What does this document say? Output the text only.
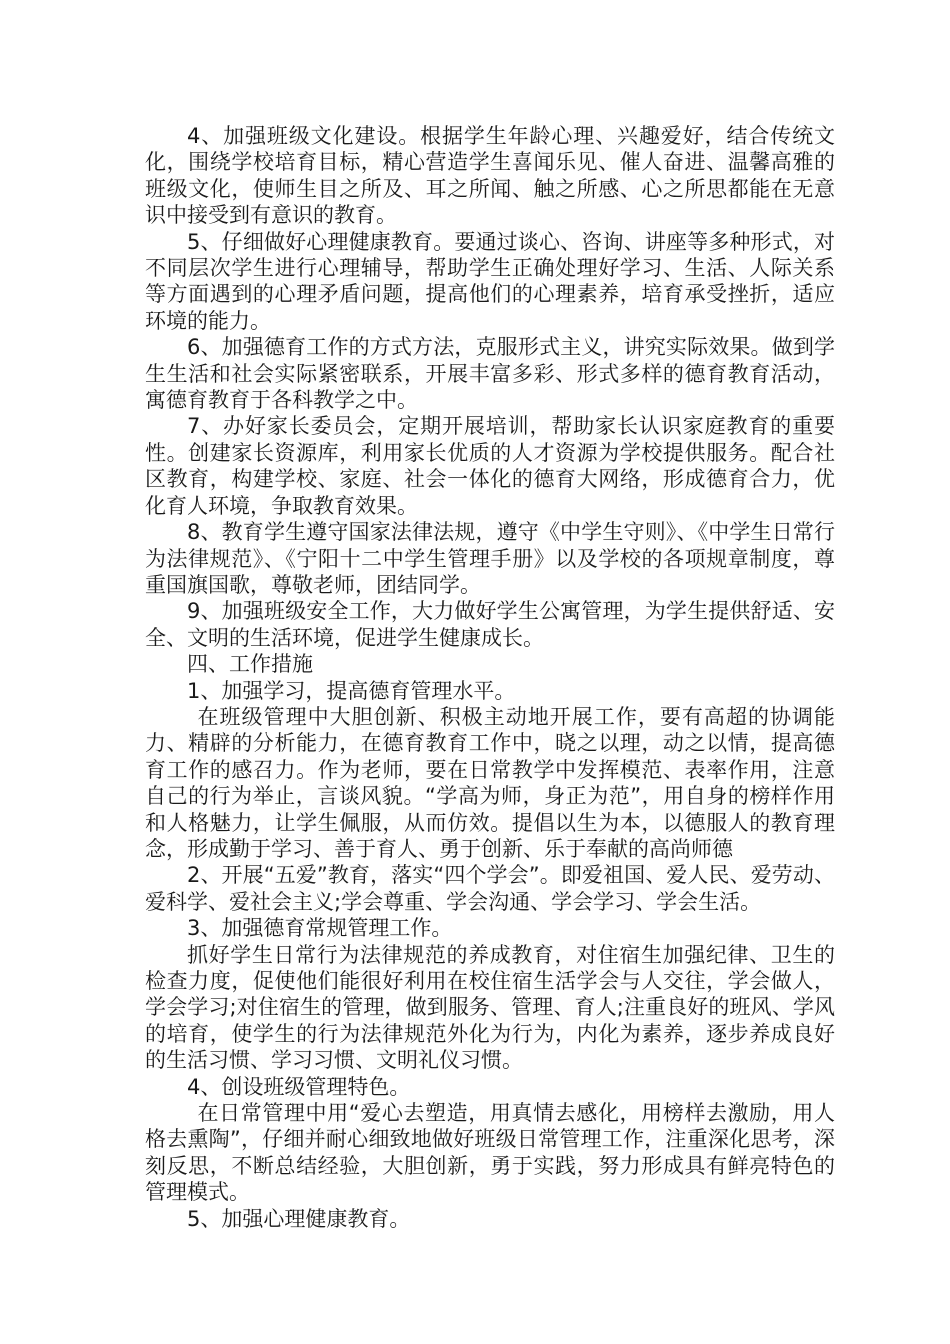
4、加强班级文化建设。根据学生年龄心理、兴趣爱好，结合传统文化，围绕学校培育目标，精心营造学生喜闻乐见、催人奋进、温馨高雅的班级文化，使师生目之所及、耳之所闻、触之所感、心之所思都能在无意识中接受到有意识的教育。

5、仔细做好心理健康教育。要通过谈心、咨询、讲座等多种形式，对不同层次学生进行心理辅导，帮助学生正确处理好学习、生活、人际关系等方面遇到的心理矛盾问题，提高他们的心理素养，培育承受挫折，适应环境的能力。

6、加强德育工作的方式方法，克服形式主义，讲究实际效果。做到学生生活和社会实际紧密联系，开展丰富多彩、形式多样的德育教育活动，寓德育教育于各科教学之中。

7、办好家长委员会，定期开展培训，帮助家长认识家庭教育的重要性。创建家长资源库，利用家长优质的人才资源为学校提供服务。配合社区教育，构建学校、家庭、社会一体化的德育大网络，形成德育合力，优化育人环境，争取教育效果。

8、教育学生遵守国家法律法规，遵守《中学生守则》、《中学生日常行为法律规范》、《宁阳十二中学生管理手册》以及学校的各项规章制度，尊重国旗国歌，尊敬老师，团结同学。

9、加强班级安全工作，大力做好学生公寓管理，为学生提供舒适、安全、文明的生活环境，促进学生健康成长。

四、工作措施

1、加强学习，提高德育管理水平。

在班级管理中大胆创新、积极主动地开展工作，要有高超的协调能力、精辟的分析能力，在德育教育工作中，晓之以理，动之以情，提高德育工作的感召力。作为老师，要在日常教学中发挥模范、表率作用，注意自己的行为举止，言谈风貌。“学高为师，身正为范”，用自身的榜样作用和人格魅力，让学生佩服，从而仿效。提倡以生为本，以德服人的教育理念，形成勤于学习、善于育人、勇于创新、乐于奉献的高尚师德

2、开展“五爱”教育，落实“四个学会”。即爱祖国、爱人民、爱劳动、爱科学、爱社会主义;学会尊重、学会沟通、学会学习、学会生活。

3、加强德育常规管理工作。

抓好学生日常行为法律规范的养成教育，对住宿生加强纪律、卫生的检查力度，促使他们能很好利用在校住宿生活学会与人交往，学会做人，学会学习;对住宿生的管理，做到服务、管理、育人;注重良好的班风、学风的培育，使学生的行为法律规范外化为行为，内化为素养，逐步养成良好的生活习惯、学习习惯、文明礼仪习惯。

4、创设班级管理特色。

在日常管理中用“爱心去塑造，用真情去感化，用榜样去激励，用人格去熏陶”，仔细并耐心细致地做好班级日常管理工作，注重深化思考，深刻反思，不断总结经验，大胆创新，勇于实践，努力形成具有鲜亮特色的管理模式。

5、加强心理健康教育。
